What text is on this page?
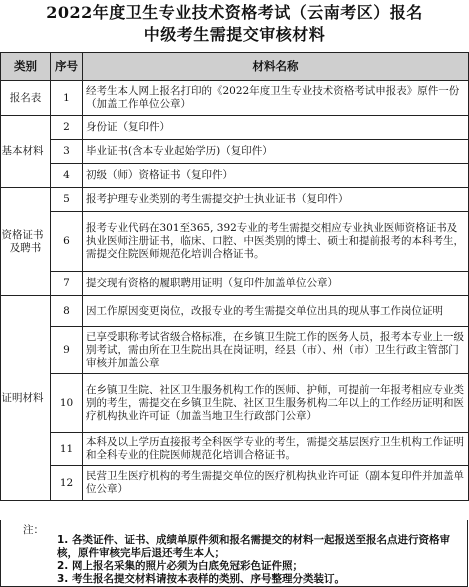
2022年度卫生专业技术资格考试（云南考区）报名
中级考生需提交审核材料
类别	序号	材料名称
报名表	1	经考生本人网上报名打印的《2022年度卫生专业技术资格考试申报表》原件一份（加盖工作单位公章）
基本材料	2	身份证（复印件）
	3	毕业证书(含本专业起始学历)（复印件）
	4	初级（师）资格证书（复印件）
资格证书
及聘书	5	报考护理专业类别的考生需提交护士执业证书（复印件）
	6	报考专业代码在301至365, 392专业的考生需提交相应专业执业医师资格证书及执业医师注册证书，临床、口腔、中医类别的博士、硕士和提前报考的本科考生，需提交住院医师规范化培训合格证书。
	7	提交现有资格的履职聘用证明（复印件加盖单位公章）
证明材料	8	因工作原因变更岗位，改报专业的考生需提交单位出具的现从事工作岗位证明
	9	已享受职称考试省级合格标准，在乡镇卫生院工作的医务人员，报考本专业上一级别考试，需由所在卫生院出具在岗证明，经县（市）、州（市）卫生行政主管部门审核并加盖公章
	10	在乡镇卫生院、社区卫生服务机构工作的医师、护师，可提前一年报考相应专业类别的考生，需提交在乡镇卫生院、社区卫生服务机构二年以上的工作经历证明和医疗机构执业许可证（加盖当地卫生行政部门公章）
	11	本科及以上学历直接报考全科医学专业的考生，需提交基层医疗卫生机构工作证明和全科专业的住院医师规范化培训合格证书。
	12	民营卫生医疗机构的考生需提交单位的医疗机构执业许可证（副本复印件并加盖单位公章）
注：
1. 各类证件、证书、成绩单原件须和报名需提交的材料一起报送至报名点进行资格审核，原件审核完毕后退还考生本人；
2. 网上报名采集的照片必须为白底免冠彩色证件照；
3. 考生报名提交材料请按本表样的类别、序号整理分类装订。
